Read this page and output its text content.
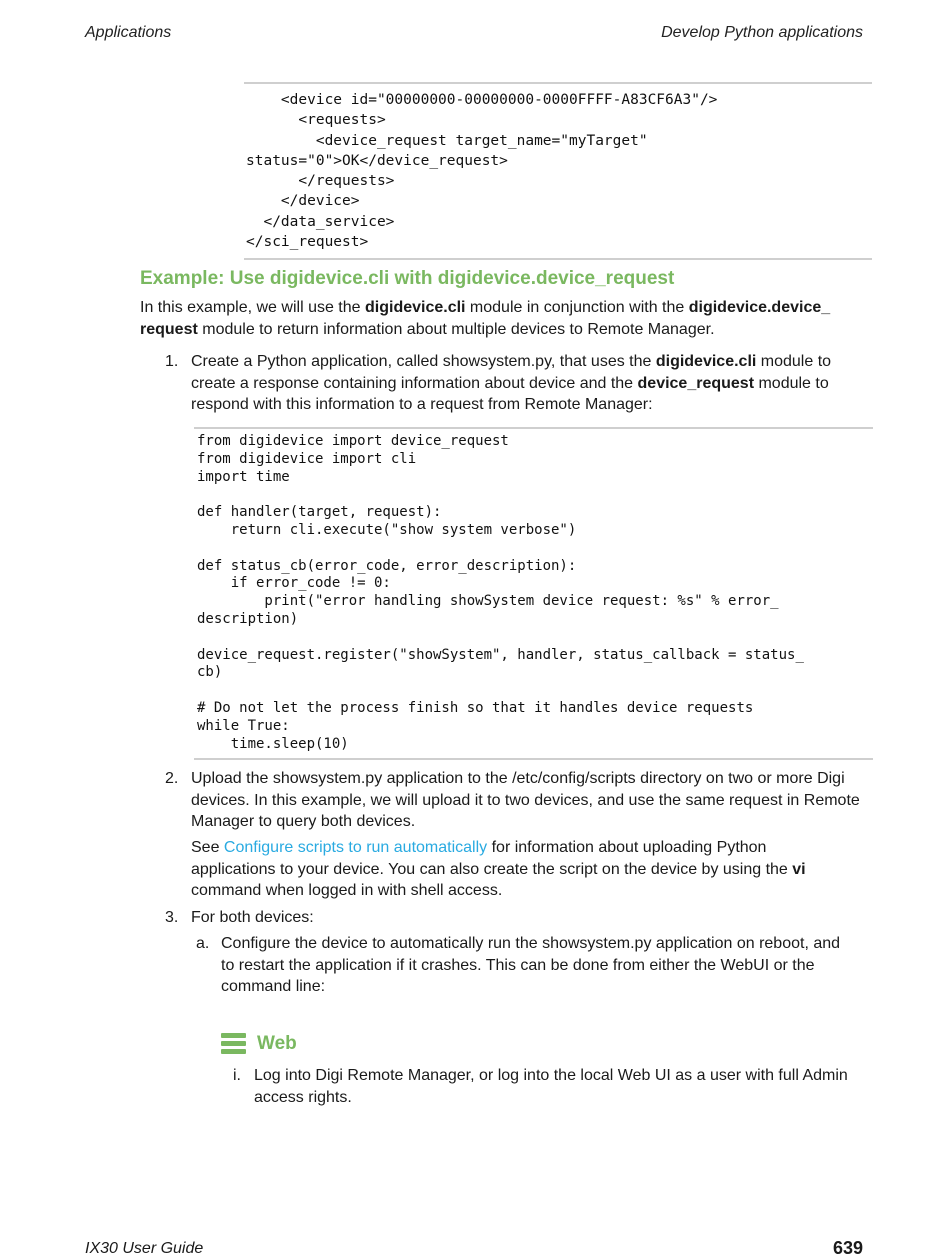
Applications	Develop Python applications
<device id="00000000-00000000-0000FFFF-A83CF6A3"/>
<requests>
<device_request target_name="myTarget"
status="0">OK</device_request>
</requests>
</device>
</data_service>
</sci_request>
Example: Use digidevice.cli with digidevice.device_request
In this example, we will use the digidevice.cli module in conjunction with the digidevice.device_
request module to return information about multiple devices to Remote Manager.
1. Create a Python application, called showsystem.py, that uses the digidevice.cli module to
create a response containing information about device and the device_request module to
respond with this information to a request from Remote Manager:
from digidevice import device_request
from digidevice import cli
import time

def handler(target, request):
return cli.execute("show system verbose")

def status_cb(error_code, error_description):
if error_code != 0:
print("error handling showSystem device request: %s" % error_
description)

device_request.register("showSystem", handler, status_callback = status_
cb)

# Do not let the process finish so that it handles device requests
while True:
time.sleep(10)
2. Upload the showsystem.py application to the /etc/config/scripts directory on two or more Digi
devices. In this example, we will upload it to two devices, and use the same request in Remote
Manager to query both devices.
See Configure scripts to run automatically for information about uploading Python
applications to your device. You can also create the script on the device by using the vi
command when logged in with shell access.
3. For both devices:
a. Configure the device to automatically run the showsystem.py application on reboot, and
to restart the application if it crashes. This can be done from either the WebUI or the
command line:
Web
i. Log into Digi Remote Manager, or log into the local Web UI as a user with full Admin
access rights.
IX30 User Guide	639
